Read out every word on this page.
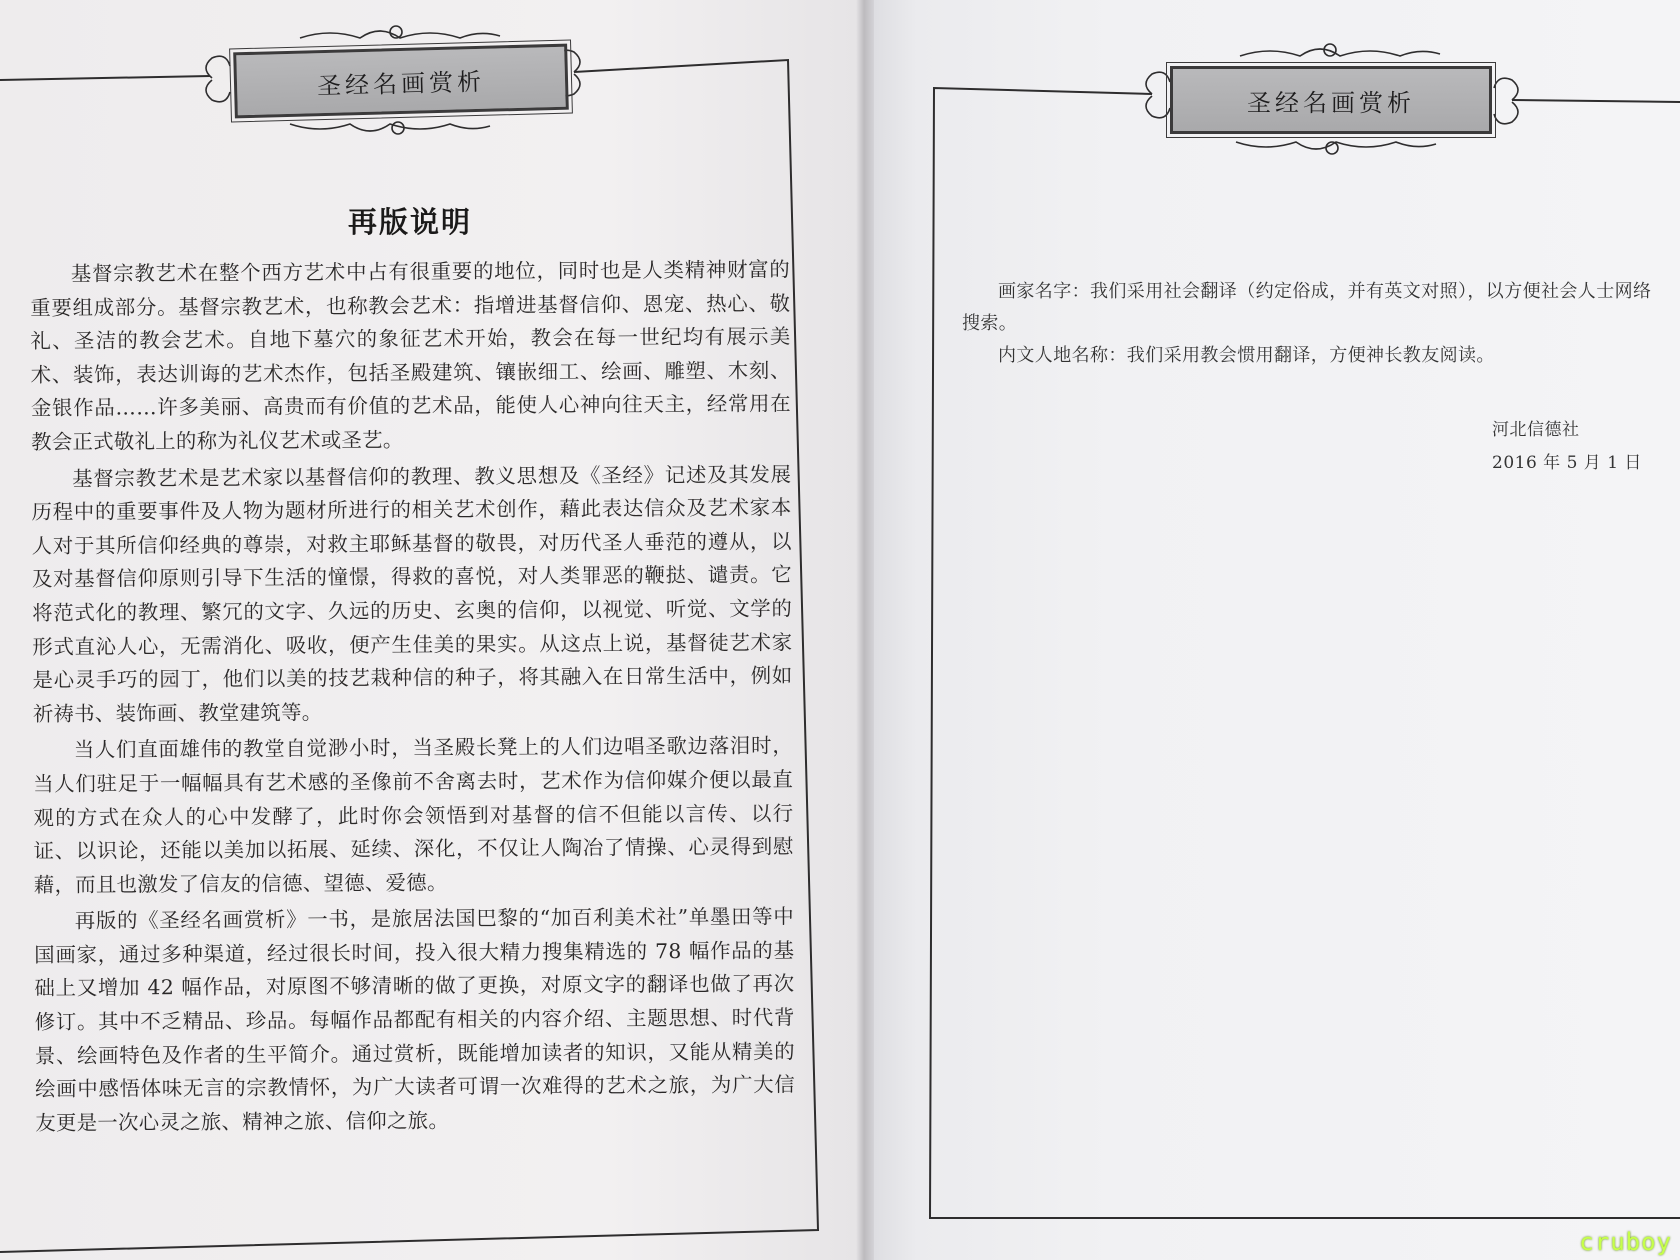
圣经名画赏析
圣经名画赏析
再版说明

基督宗教艺术在整个西方艺术中占有很重要的地位，同时也是人类精神财富的重要组成部分。基督宗教艺术，也称教会艺术：指增进基督信仰、恩宠、热心、敬礼、圣洁的教会艺术。自地下墓穴的象征艺术开始，教会在每一世纪均有展示美术、装饰，表达训诲的艺术杰作，包括圣殿建筑、镶嵌细工、绘画、雕塑、木刻、金银作品……许多美丽、高贵而有价值的艺术品，能使人心神向往天主，经常用在教会正式敬礼上的称为礼仪艺术或圣艺。

基督宗教艺术是艺术家以基督信仰的教理、教义思想及《圣经》记述及其发展历程中的重要事件及人物为题材所进行的相关艺术创作，藉此表达信众及艺术家本人对于其所信仰经典的尊崇，对救主耶稣基督的敬畏，对历代圣人垂范的遵从，以及对基督信仰原则引导下生活的憧憬，得救的喜悦，对人类罪恶的鞭挞、谴责。它将范式化的教理、繁冗的文字、久远的历史、玄奥的信仰，以视觉、听觉、文学的形式直沁人心，无需消化、吸收，便产生佳美的果实。从这点上说，基督徒艺术家是心灵手巧的园丁，他们以美的技艺栽种信的种子，将其融入在日常生活中，例如祈祷书、装饰画、教堂建筑等。

当人们直面雄伟的教堂自觉渺小时，当圣殿长凳上的人们边唱圣歌边落泪时，当人们驻足于一幅幅具有艺术感的圣像前不舍离去时，艺术作为信仰媒介便以最直观的方式在众人的心中发酵了，此时你会领悟到对基督的信不但能以言传、以行证、以识论，还能以美加以拓展、延续、深化，不仅让人陶冶了情操、心灵得到慰藉，而且也激发了信友的信德、望德、爱德。

再版的《圣经名画赏析》一书，是旅居法国巴黎的“加百利美术社”单墨田等中国画家，通过多种渠道，经过很长时间，投入很大精力搜集精选的 78 幅作品的基础上又增加 42 幅作品，对原图不够清晰的做了更换，对原文字的翻译也做了再次修订。其中不乏精品、珍品。每幅作品都配有相关的内容介绍、主题思想、时代背景、绘画特色及作者的生平简介。通过赏析，既能增加读者的知识，又能从精美的绘画中感悟体味无言的宗教情怀，为广大读者可谓一次难得的艺术之旅，为广大信友更是一次心灵之旅、精神之旅、信仰之旅。

画家名字：我们采用社会翻译（约定俗成，并有英文对照），以方便社会人士网络搜索。

内文人地名称：我们采用教会惯用翻译，方便神长教友阅读。

河北信德社
2016 年 5 月 1 日
cruboy
